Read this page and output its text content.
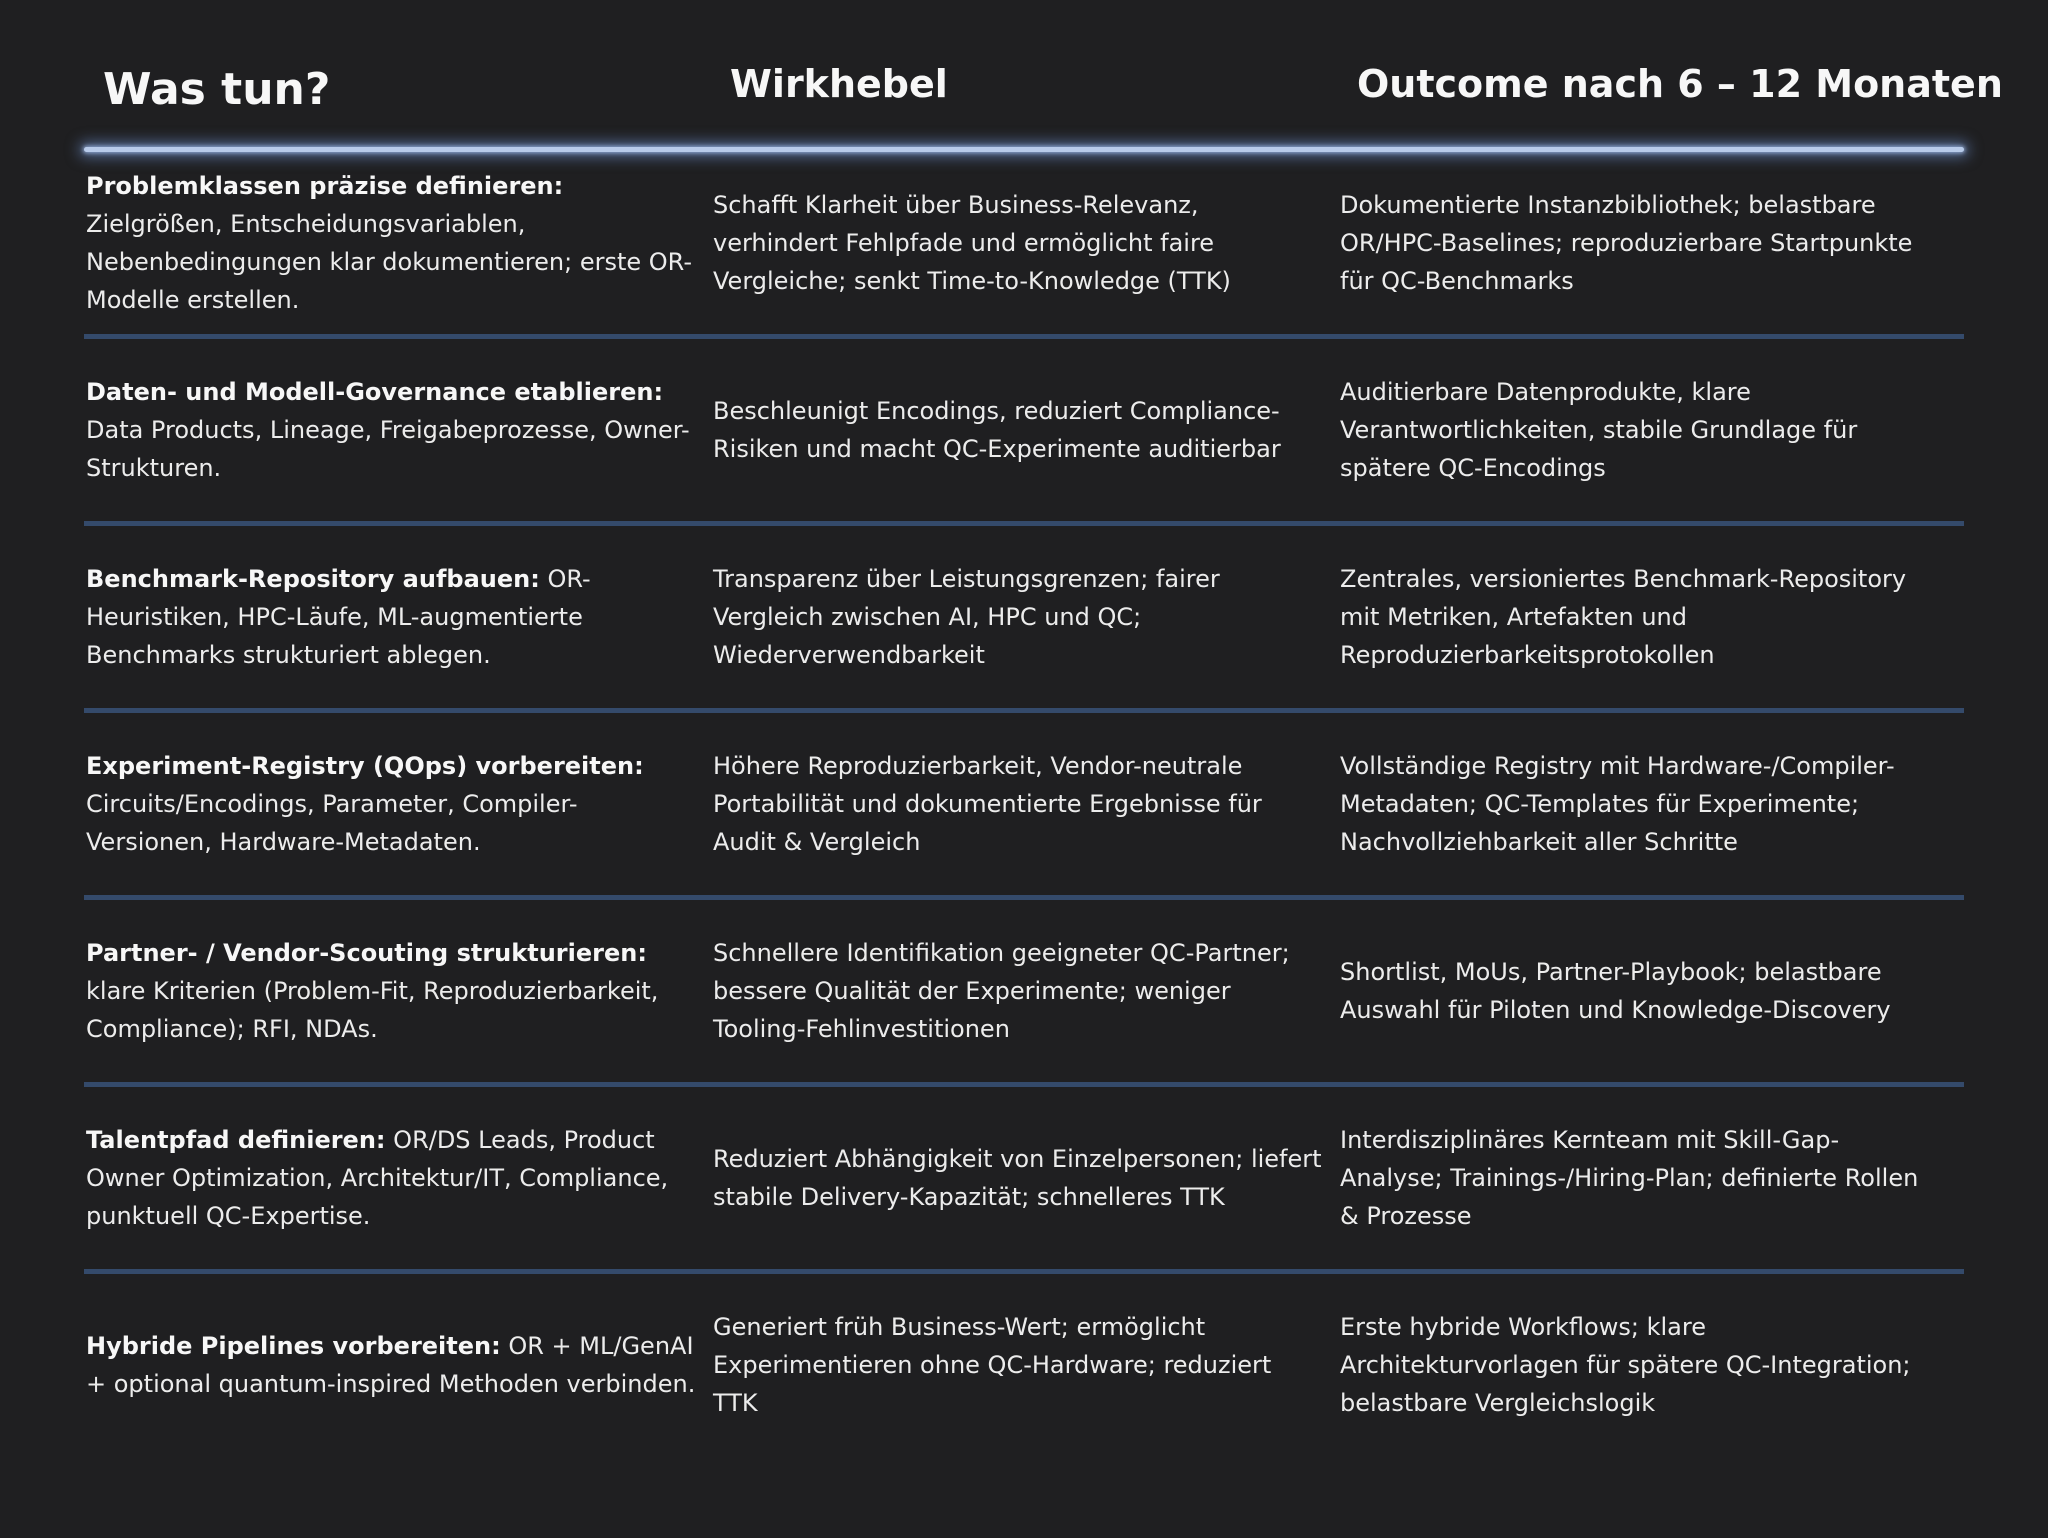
Was tun?	Wirkhebel	Outcome nach 6 – 12 Monaten
Problemklassen präzise definieren: Zielgrößen, Entscheidungsvariablen, Nebenbedingungen klar dokumentieren; erste OR-Modelle erstellen.
Schafft Klarheit über Business-Relevanz, verhindert Fehlpfade und ermöglicht faire Vergleiche; senkt Time-to-Knowledge (TTK)
Dokumentierte Instanzbibliothek; belastbare OR/HPC-Baselines; reproduzierbare Startpunkte für QC-Benchmarks
Daten- und Modell-Governance etablieren: Data Products, Lineage, Freigabeprozesse, Owner-Strukturen.
Beschleunigt Encodings, reduziert Compliance-Risiken und macht QC-Experimente auditierbar
Auditierbare Datenprodukte, klare Verantwortlichkeiten, stabile Grundlage für spätere QC-Encodings
Benchmark-Repository aufbauen: OR-Heuristiken, HPC-Läufe, ML-augmentierte Benchmarks strukturiert ablegen.
Transparenz über Leistungsgrenzen; fairer Vergleich zwischen AI, HPC und QC; Wiederverwendbarkeit
Zentrales, versioniertes Benchmark-Repository mit Metriken, Artefakten und Reproduzierbarkeitsprotokollen
Experiment-Registry (QOps) vorbereiten: Circuits/Encodings, Parameter, Compiler-Versionen, Hardware-Metadaten.
Höhere Reproduzierbarkeit, Vendor-neutrale Portabilität und dokumentierte Ergebnisse für Audit & Vergleich
Vollständige Registry mit Hardware-/Compiler-Metadaten; QC-Templates für Experimente; Nachvollziehbarkeit aller Schritte
Partner- / Vendor-Scouting strukturieren: klare Kriterien (Problem-Fit, Reproduzierbarkeit, Compliance); RFI, NDAs.
Schnellere Identifikation geeigneter QC-Partner; bessere Qualität der Experimente; weniger Tooling-Fehlinvestitionen
Shortlist, MoUs, Partner-Playbook; belastbare Auswahl für Piloten und Knowledge-Discovery
Talentpfad definieren: OR/DS Leads, Product Owner Optimization, Architektur/IT, Compliance, punktuell QC-Expertise.
Reduziert Abhängigkeit von Einzelpersonen; liefert stabile Delivery-Kapazität; schnelleres TTK
Interdisziplinäres Kernteam mit Skill-Gap-Analyse; Trainings-/Hiring-Plan; definierte Rollen & Prozesse
Hybride Pipelines vorbereiten: OR + ML/GenAI + optional quantum-inspired Methoden verbinden.
Generiert früh Business-Wert; ermöglicht Experimentieren ohne QC-Hardware; reduziert TTK
Erste hybride Workflows; klare Architekturvorlagen für spätere QC-Integration; belastbare Vergleichslogik
